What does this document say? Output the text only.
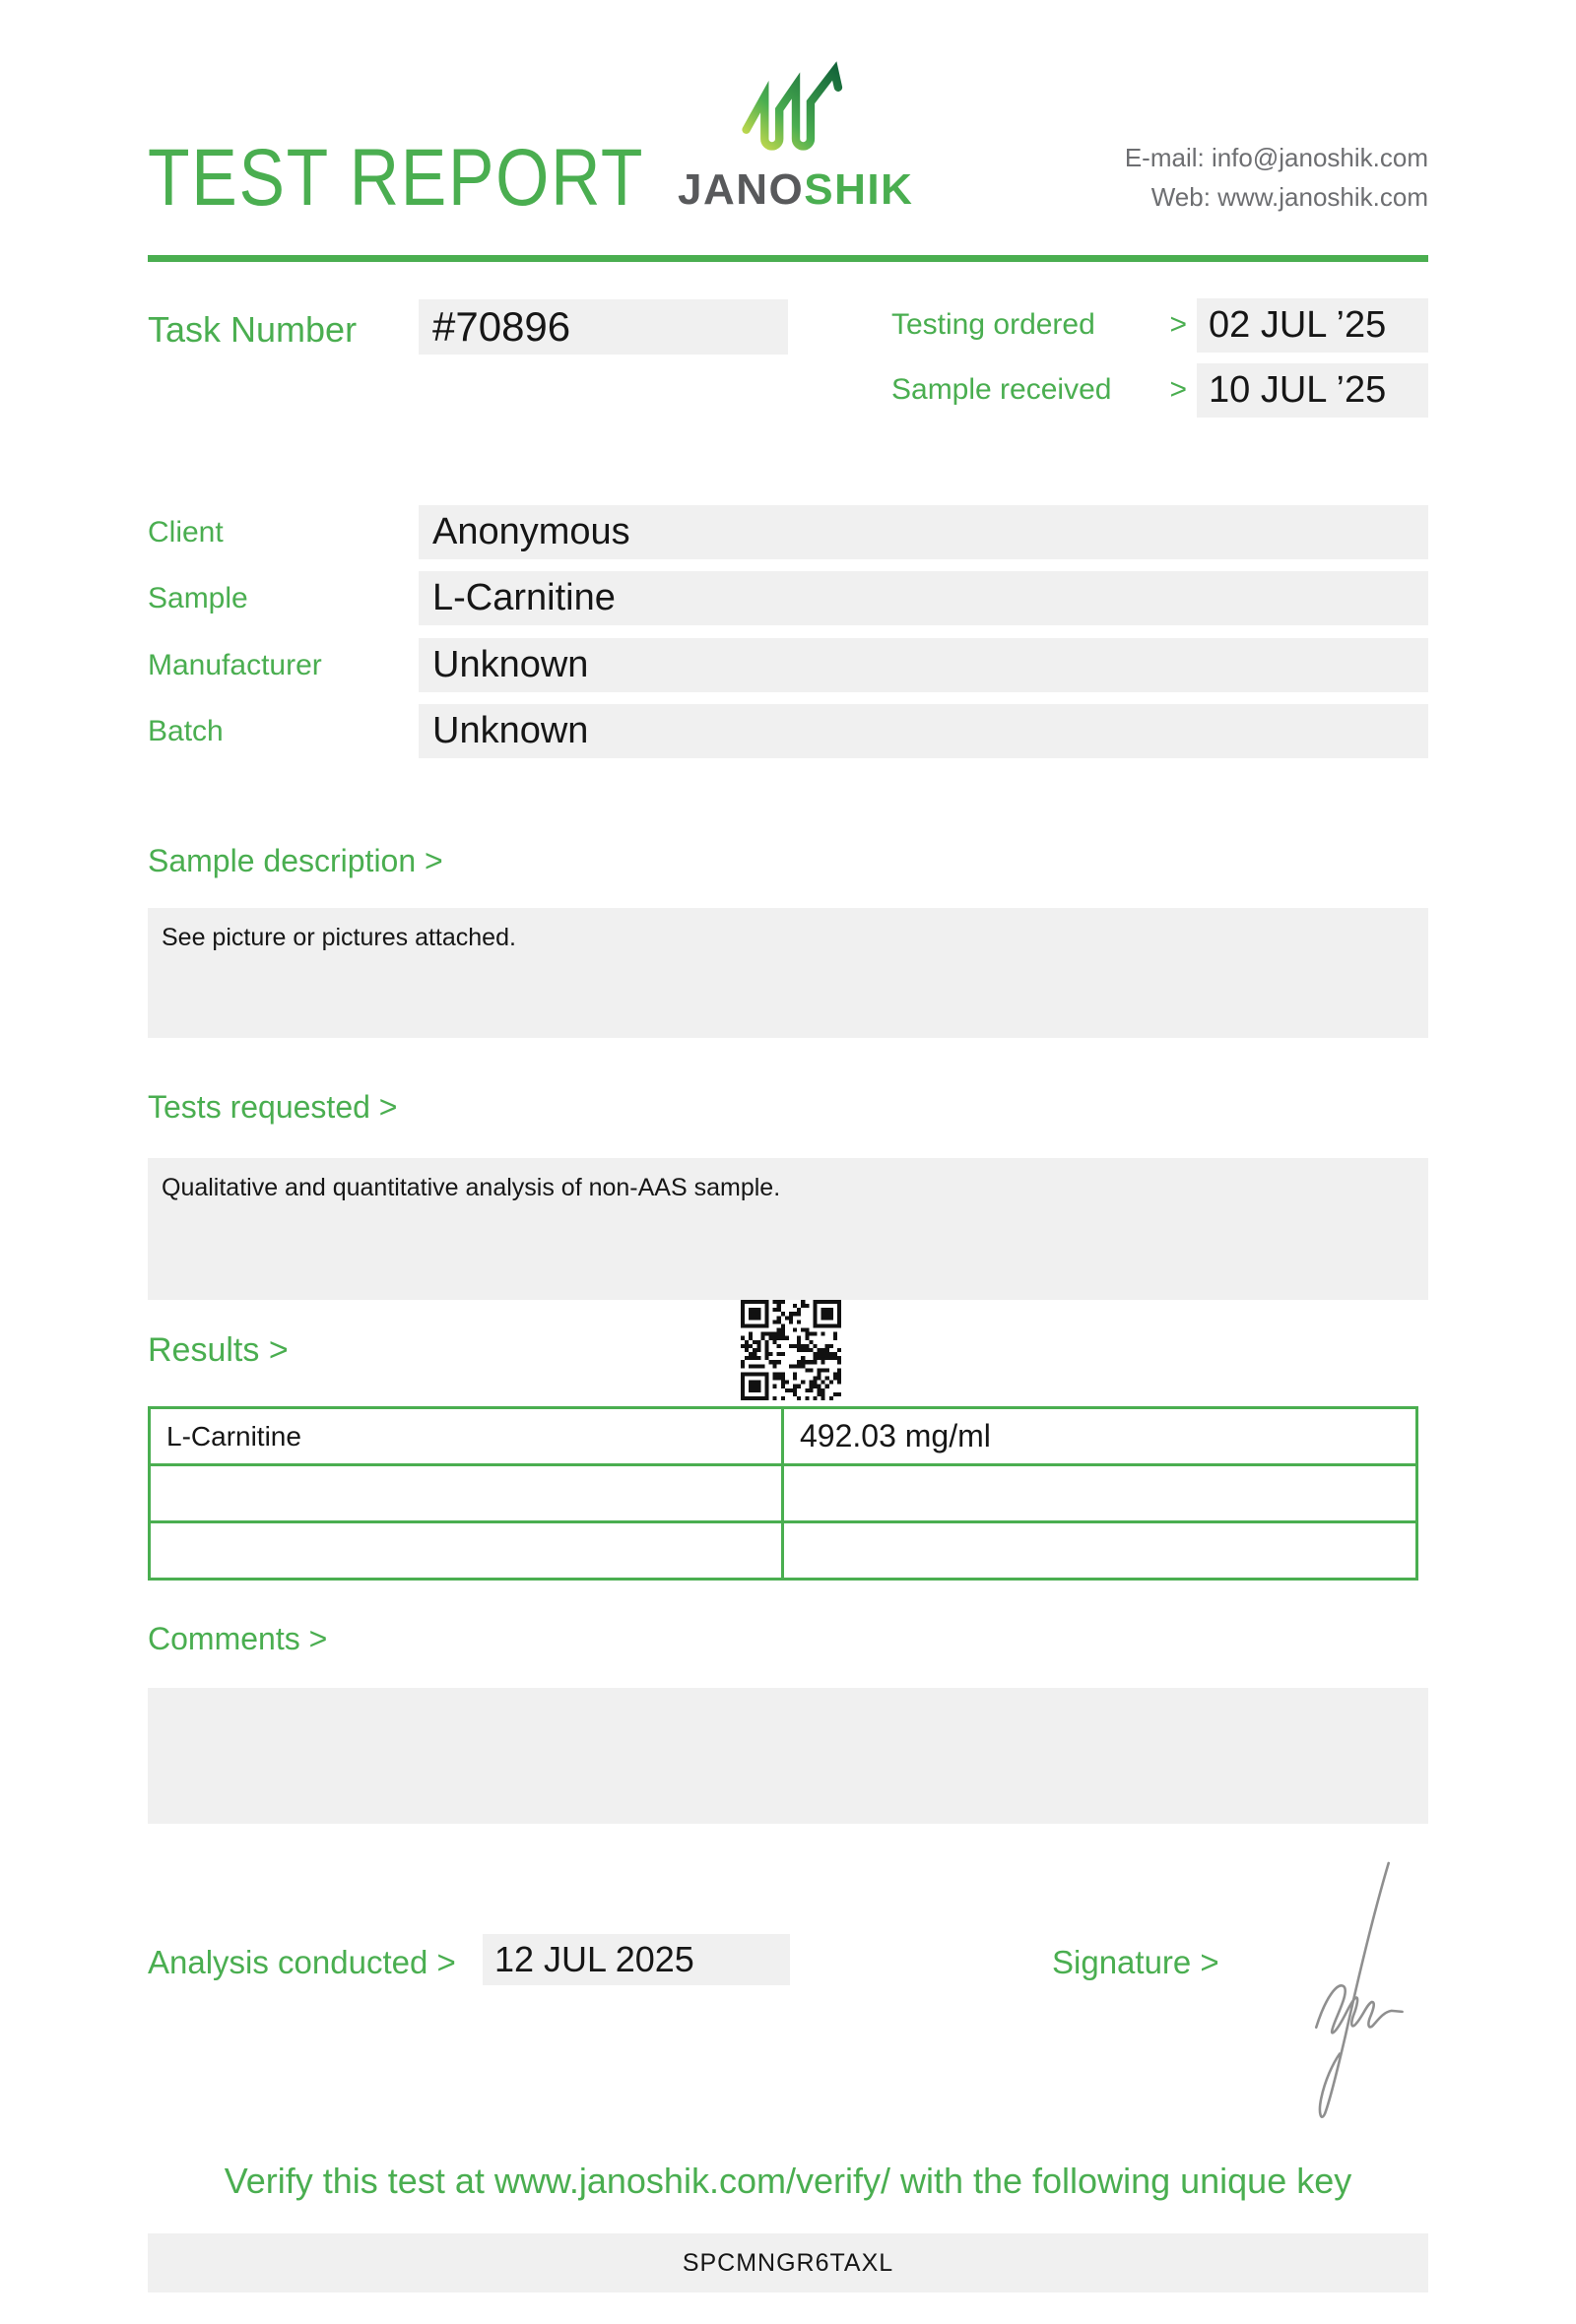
TEST REPORT JANOSHIK
E-mail: info@janoshik.com
Web: www.janoshik.com
Task Number	#70896	Testing ordered	> 02 JUL ’25
Sample received > 10 JUL ’25
Client	Anonymous
Sample	L-Carnitine
Manufacturer	Unknown
Batch	Unknown
Sample description >
See picture or pictures attached.
Tests requested >
Qualitative and quantitative analysis of non-AAS sample.
Results >
L-Carnitine	492.03 mg/ml

Comments >
Analysis conducted >	12 JUL 2025	Signature >
Verify this test at www.janoshik.com/verify/ with the following unique key
SPCMNGR6TAXL
